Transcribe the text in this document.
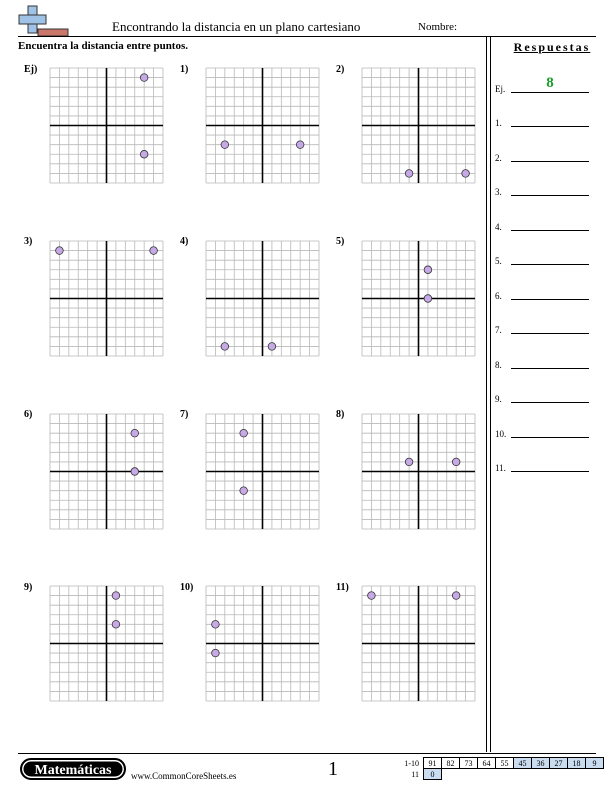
Encontrando la distancia en un plano cartesiano	Nombre:
Encuentra la distancia entre puntos.	Respuestas
Ej.	8
1.
2.
3.
4.
5.
6.
7.
8.
9.
10.
11.
Ej)	1)	2)
3)	4)	5)
6)	7)	8)
9)	10)	11)
Matemáticas	www.CommonCoreSheets.es	1	1-10	91	82	73	64	55	45	36	27	18	9
11	0									
